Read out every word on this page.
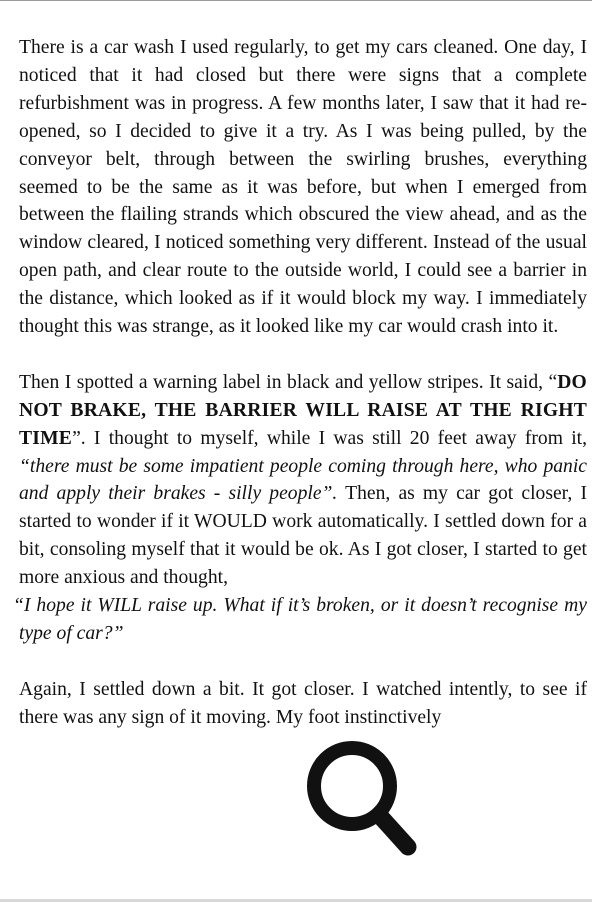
There is a car wash I used regularly, to get my cars cleaned. One day, I noticed that it had closed but there were signs that a complete refurbishment was in progress. A few months later, I saw that it had re-opened, so I decided to give it a try. As I was being pulled, by the conveyor belt, through between the swirling brushes, everything seemed to be the same as it was before, but when I emerged from between the flailing strands which obscured the view ahead, and as the window cleared, I noticed something very different. Instead of the usual open path, and clear route to the outside world, I could see a barrier in the distance, which looked as if it would block my way. I immediately thought this was strange, as it looked like my car would crash into it.

Then I spotted a warning label in black and yellow stripes. It said, “DO NOT BRAKE, THE BARRIER WILL RAISE AT THE RIGHT TIME”. I thought to myself, while I was still 20 feet away from it, “there must be some impatient people coming through here, who panic and apply their brakes - silly people”. Then, as my car got closer, I started to wonder if it WOULD work automatically. I settled down for a bit, consoling myself that it would be ok. As I got closer, I started to get more anxious and thought,
“I hope it WILL raise up. What if it’s broken, or it doesn’t recognise my type of car?”

Again, I settled down a bit. It got closer. I watched intently, to see if there was any sign of it moving. My foot instinctively
